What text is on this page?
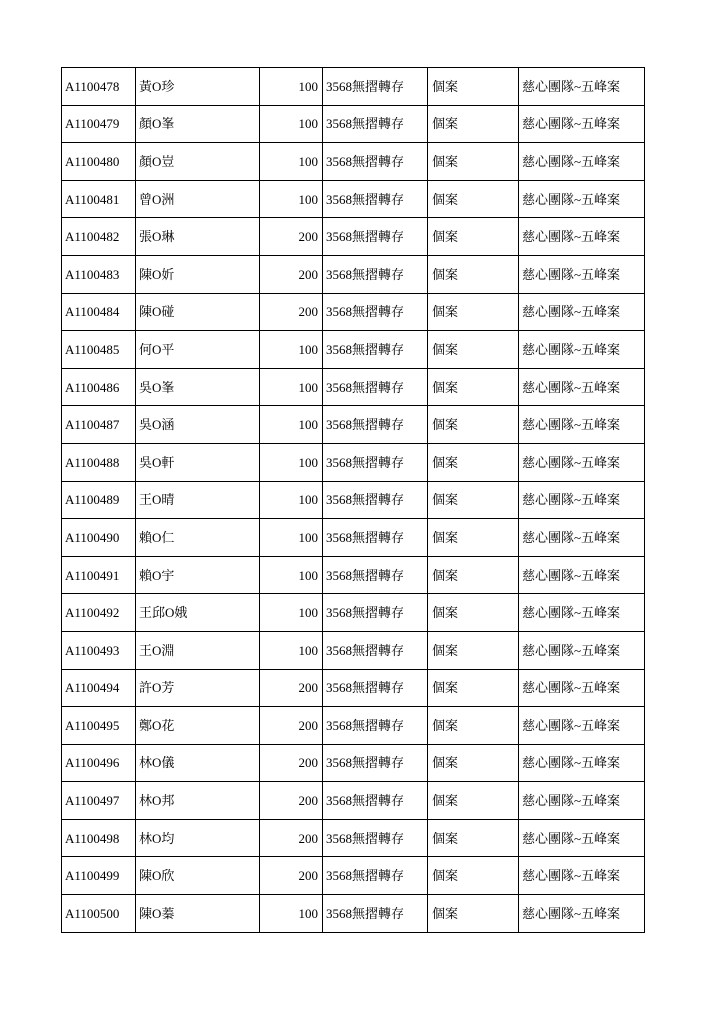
A1100478	黃O珍	100	3568無摺轉存	個案	慈心團隊~五峰案
A1100479	顏O峯	100	3568無摺轉存	個案	慈心團隊~五峰案
A1100480	顏O豈	100	3568無摺轉存	個案	慈心團隊~五峰案
A1100481	曾O洲	100	3568無摺轉存	個案	慈心團隊~五峰案
A1100482	張O琳	200	3568無摺轉存	個案	慈心團隊~五峰案
A1100483	陳O妡	200	3568無摺轉存	個案	慈心團隊~五峰案
A1100484	陳O碰	200	3568無摺轉存	個案	慈心團隊~五峰案
A1100485	何O平	100	3568無摺轉存	個案	慈心團隊~五峰案
A1100486	吳O峯	100	3568無摺轉存	個案	慈心團隊~五峰案
A1100487	吳O涵	100	3568無摺轉存	個案	慈心團隊~五峰案
A1100488	吳O軒	100	3568無摺轉存	個案	慈心團隊~五峰案
A1100489	王O晴	100	3568無摺轉存	個案	慈心團隊~五峰案
A1100490	賴O仁	100	3568無摺轉存	個案	慈心團隊~五峰案
A1100491	賴O宇	100	3568無摺轉存	個案	慈心團隊~五峰案
A1100492	王邱O娥	100	3568無摺轉存	個案	慈心團隊~五峰案
A1100493	王O淵	100	3568無摺轉存	個案	慈心團隊~五峰案
A1100494	許O芳	200	3568無摺轉存	個案	慈心團隊~五峰案
A1100495	鄭O花	200	3568無摺轉存	個案	慈心團隊~五峰案
A1100496	林O儀	200	3568無摺轉存	個案	慈心團隊~五峰案
A1100497	林O邦	200	3568無摺轉存	個案	慈心團隊~五峰案
A1100498	林O均	200	3568無摺轉存	個案	慈心團隊~五峰案
A1100499	陳O欣	200	3568無摺轉存	個案	慈心團隊~五峰案
A1100500	陳O蓁	100	3568無摺轉存	個案	慈心團隊~五峰案
